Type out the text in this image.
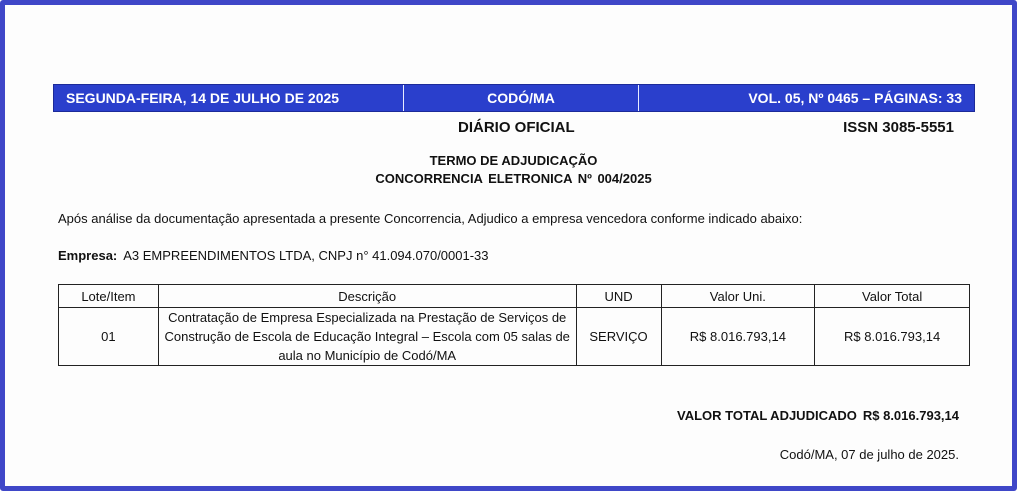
SEGUNDA-FEIRA, 14 DE JULHO DE 2025	CODÓ/MA	VOL. 05, Nº 0465 – PÁGINAS: 33
DIÁRIO OFICIAL	ISSN 3085-5551
TERMO DE ADJUDICAÇÃO
CONCORRENCIA ELETRONICA Nº 004/2025
Após análise da documentação apresentada a presente Concorrencia, Adjudico a empresa vencedora conforme indicado abaixo:
Empresa: A3 EMPREENDIMENTOS LTDA, CNPJ n° 41.094.070/0001-33
Lote/Item	Descrição	UND	Valor Uni.	Valor Total
01	Contratação de Empresa Especializada na Prestação de Serviços de Construção de Escola de Educação Integral – Escola com 05 salas de aula no Município de Codó/MA	SERVIÇO	R$ 8.016.793,14	R$ 8.016.793,14
VALOR TOTAL ADJUDICADO R$ 8.016.793,14
Codó/MA, 07 de julho de 2025.
